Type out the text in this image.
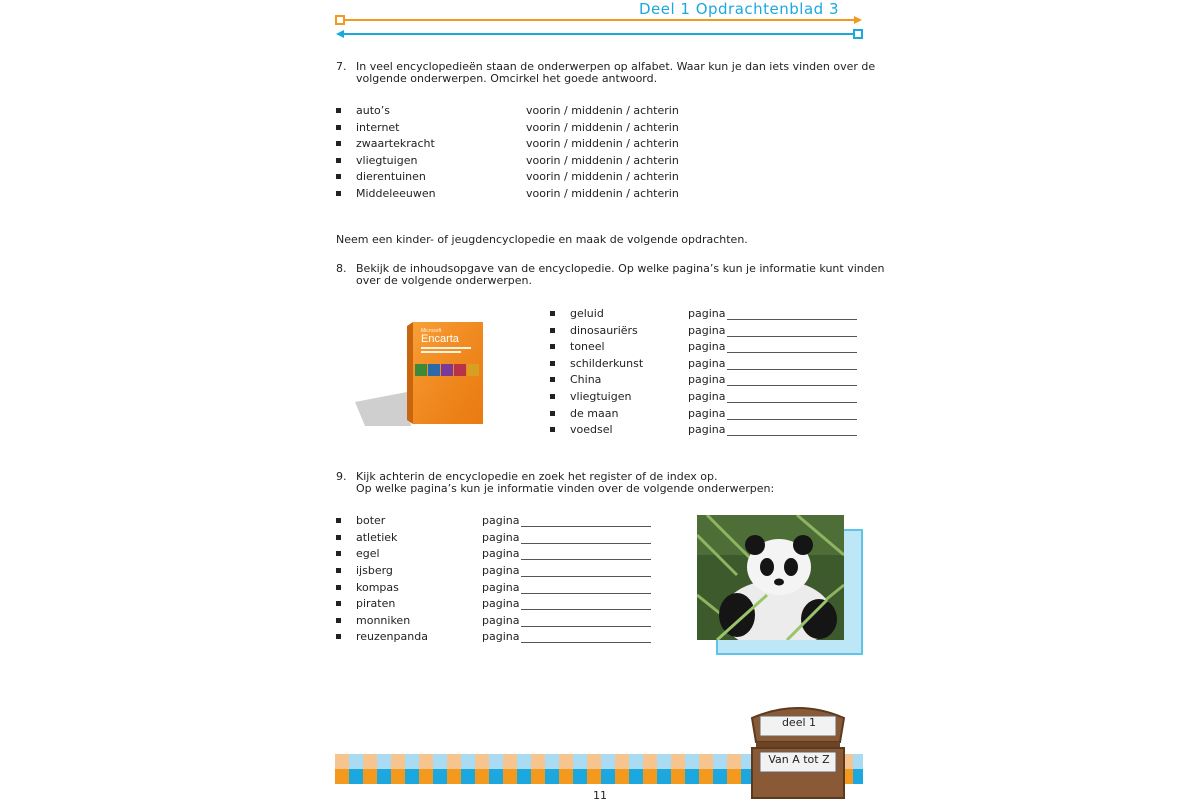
Deel 1 Opdrachtenblad 3
7. In veel encyclopedieën staan de onderwerpen op alfabet. Waar kun je dan iets vinden over de
volgende onderwerpen. Omcirkel het goede antwoord.
auto’s	voorin / middenin / achterin
internet	voorin / middenin / achterin
zwaartekracht	voorin / middenin / achterin
vliegtuigen	voorin / middenin / achterin
dierentuinen	voorin / middenin / achterin
Middeleeuwen	voorin / middenin / achterin
Neem een kinder- of jeugdencyclopedie en maak de volgende opdrachten.
8. Bekijk de inhoudsopgave van de encyclopedie. Op welke pagina’s kun je informatie kunt vinden
over de volgende onderwerpen.
Encarta
Microsoft
geluid	pagina
dinosauriërs	pagina
toneel	pagina
schilderkunst	pagina
China	pagina
vliegtuigen	pagina
de maan	pagina
voedsel	pagina
9. Kijk achterin de encyclopedie en zoek het register of de index op.
Op welke pagina’s kun je informatie vinden over de volgende onderwerpen:
boter	pagina
atletiek	pagina
egel	pagina
ijsberg	pagina
kompas	pagina
piraten	pagina
monniken	pagina
reuzenpanda	pagina
deel 1
Van A tot Z
11
